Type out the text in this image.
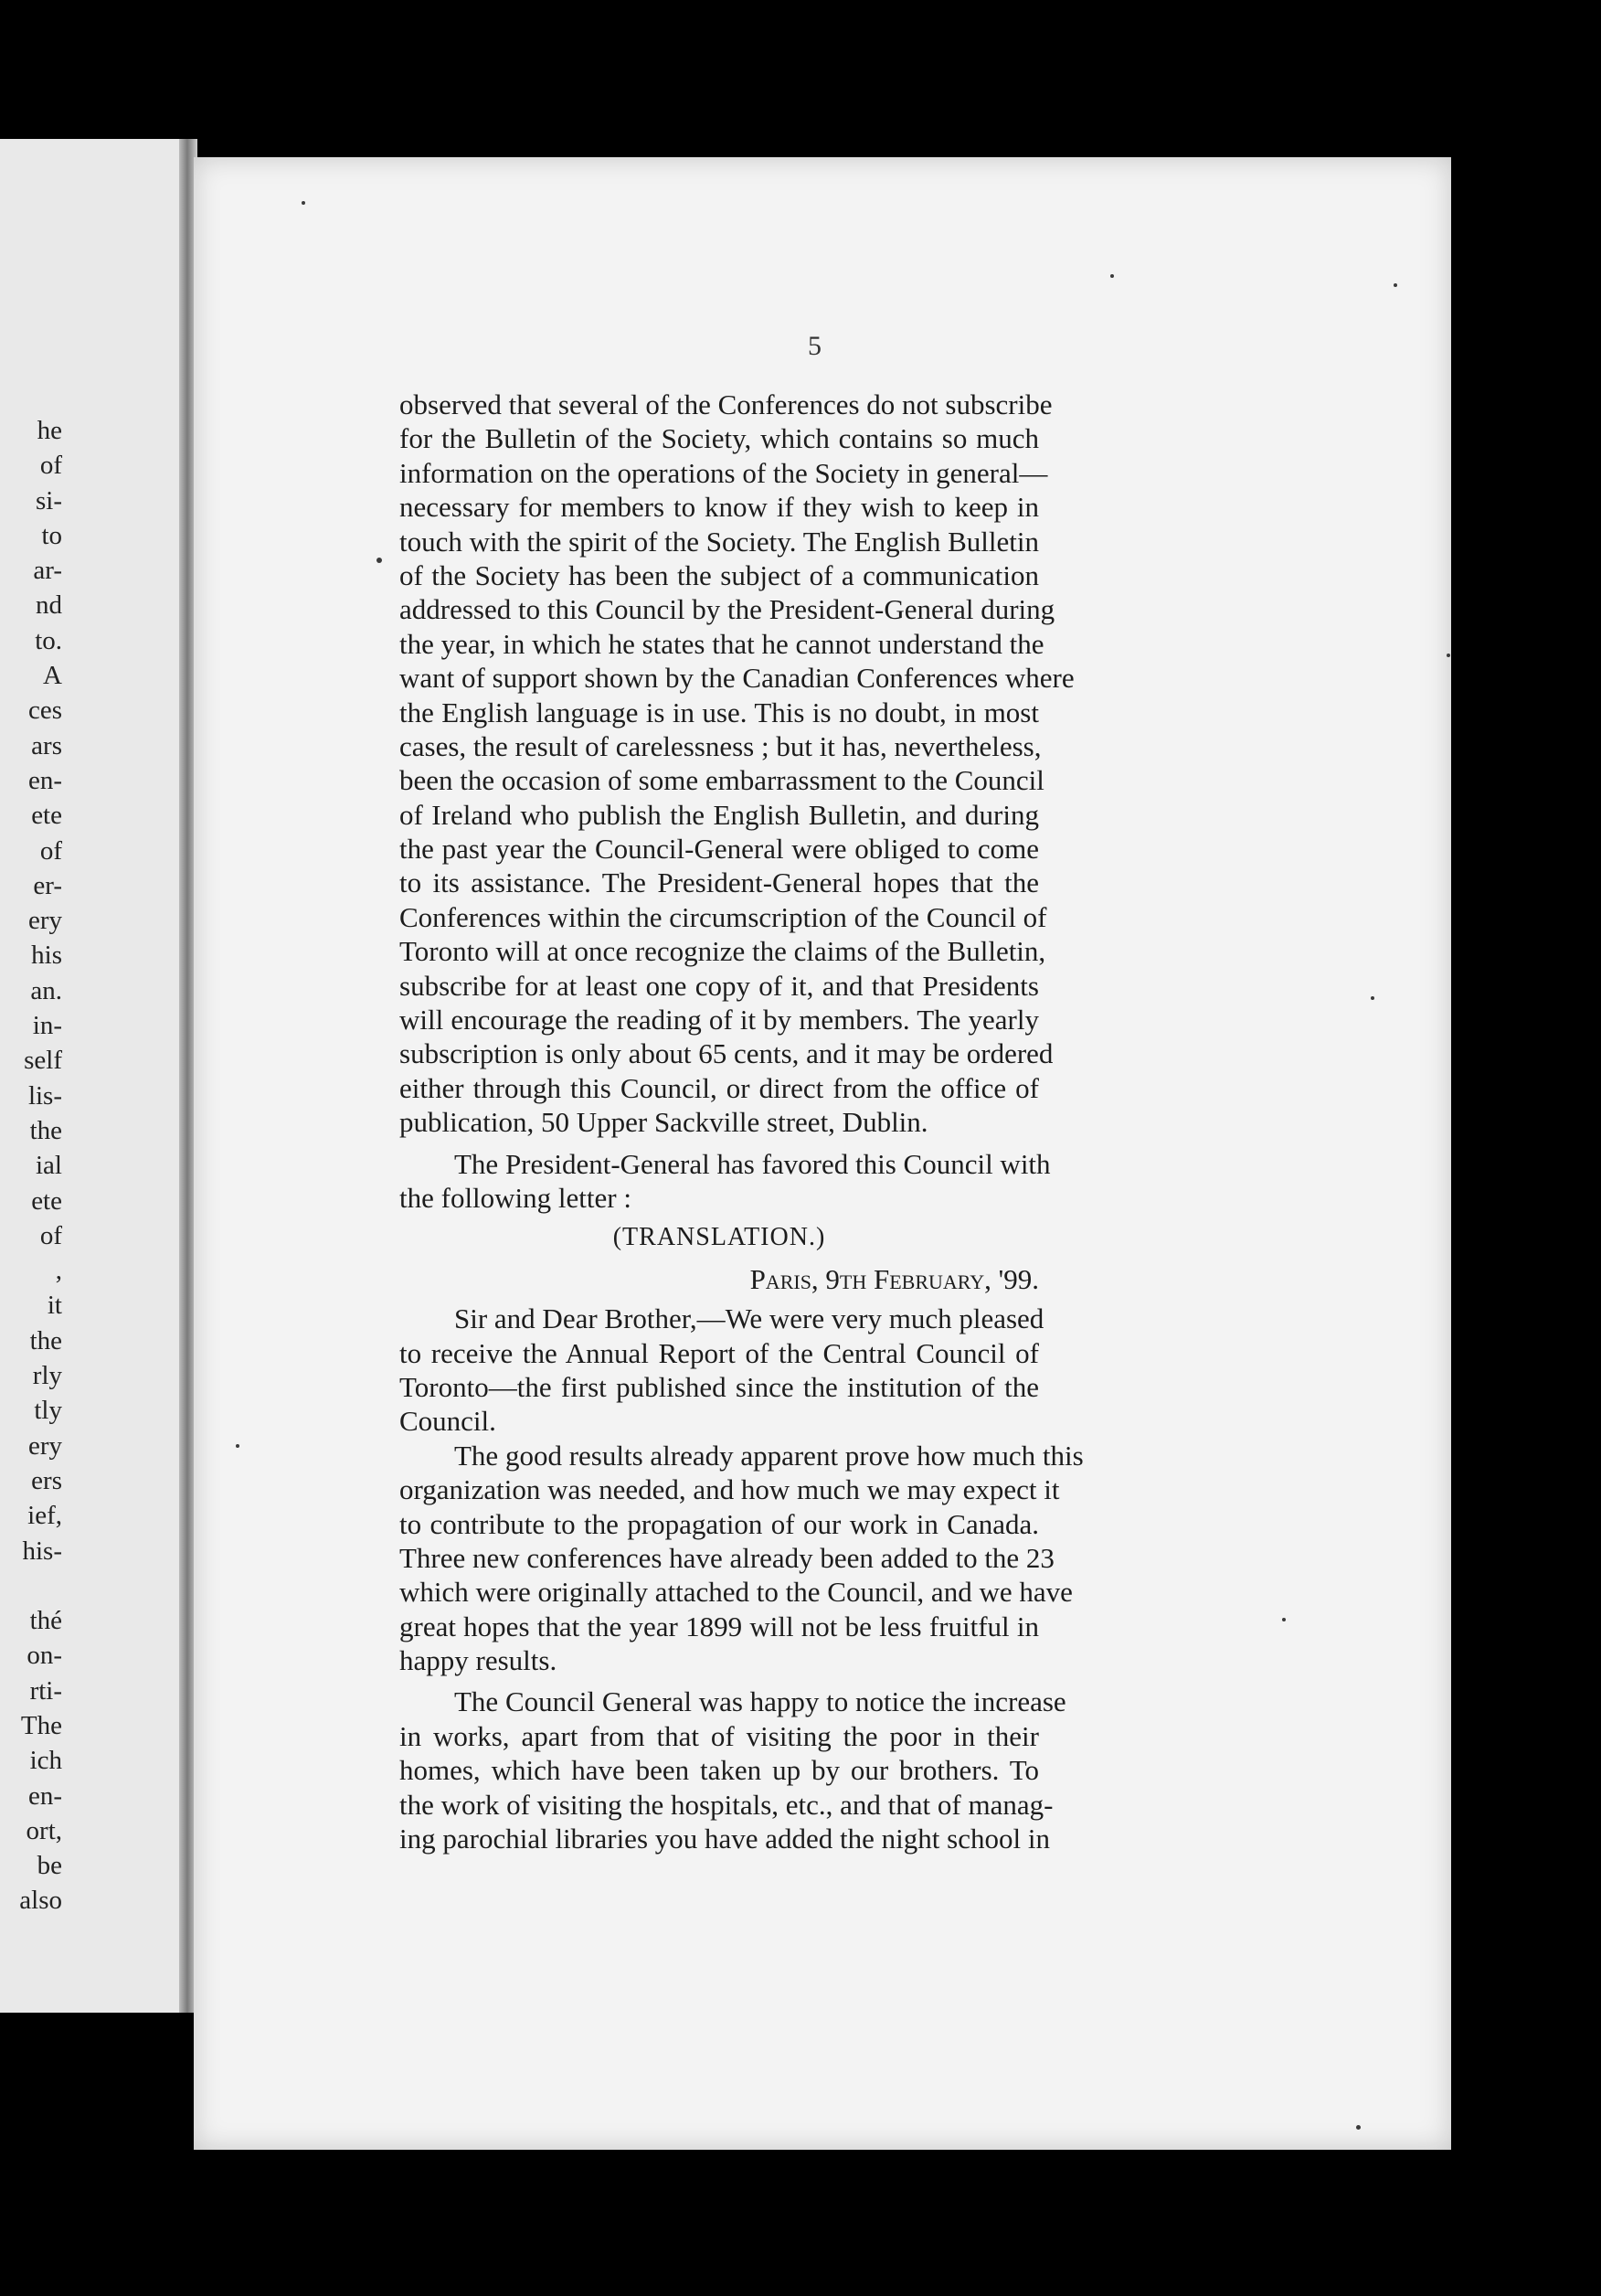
he
of
si-
to
ar-
nd
to.
A
ces
ars
en-
ete
of
er-
ery
his
an.
in-
self
lis-
the
ial
ete
of
,
it
the
rly
tly
ery
ers
ief,
his-
thé
on-
rti-
The
ich
en-
ort,
be
also
5
observed that several of the Conferences do not subscribe
for the Bulletin of the Society, which contains so much
information on the operations of the Society in general—
necessary for members to know if they wish to keep in
touch with the spirit of the Society. The English Bulletin
of the Society has been the subject of a communication
addressed to this Council by the President-General during
the year, in which he states that he cannot understand the
want of support shown by the Canadian Conferences where
the English language is in use. This is no doubt, in most
cases, the result of carelessness ; but it has, nevertheless,
been the occasion of some embarrassment to the Council
of Ireland who publish the English Bulletin, and during
the past year the Council-General were obliged to come
to its assistance. The President-General hopes that the
Conferences within the circumscription of the Council of
Toronto will at once recognize the claims of the Bulletin,
subscribe for at least one copy of it, and that Presidents
will encourage the reading of it by members. The yearly
subscription is only about 65 cents, and it may be ordered
either through this Council, or direct from the office of
publication, 50 Upper Sackville street, Dublin.
The President-General has favored this Council with
the following letter :
(TRANSLATION.)
Paris, 9th February, '99.
Sir and Dear Brother,—We were very much pleased
to receive the Annual Report of the Central Council of
Toronto—the first published since the institution of the
Council.
The good results already apparent prove how much this
organization was needed, and how much we may expect it
to contribute to the propagation of our work in Canada.
Three new conferences have already been added to the 23
which were originally attached to the Council, and we have
great hopes that the year 1899 will not be less fruitful in
happy results.
The Council General was happy to notice the increase
in works, apart from that of visiting the poor in their
homes, which have been taken up by our brothers. To
the work of visiting the hospitals, etc., and that of manag-
ing parochial libraries you have added the night school in
